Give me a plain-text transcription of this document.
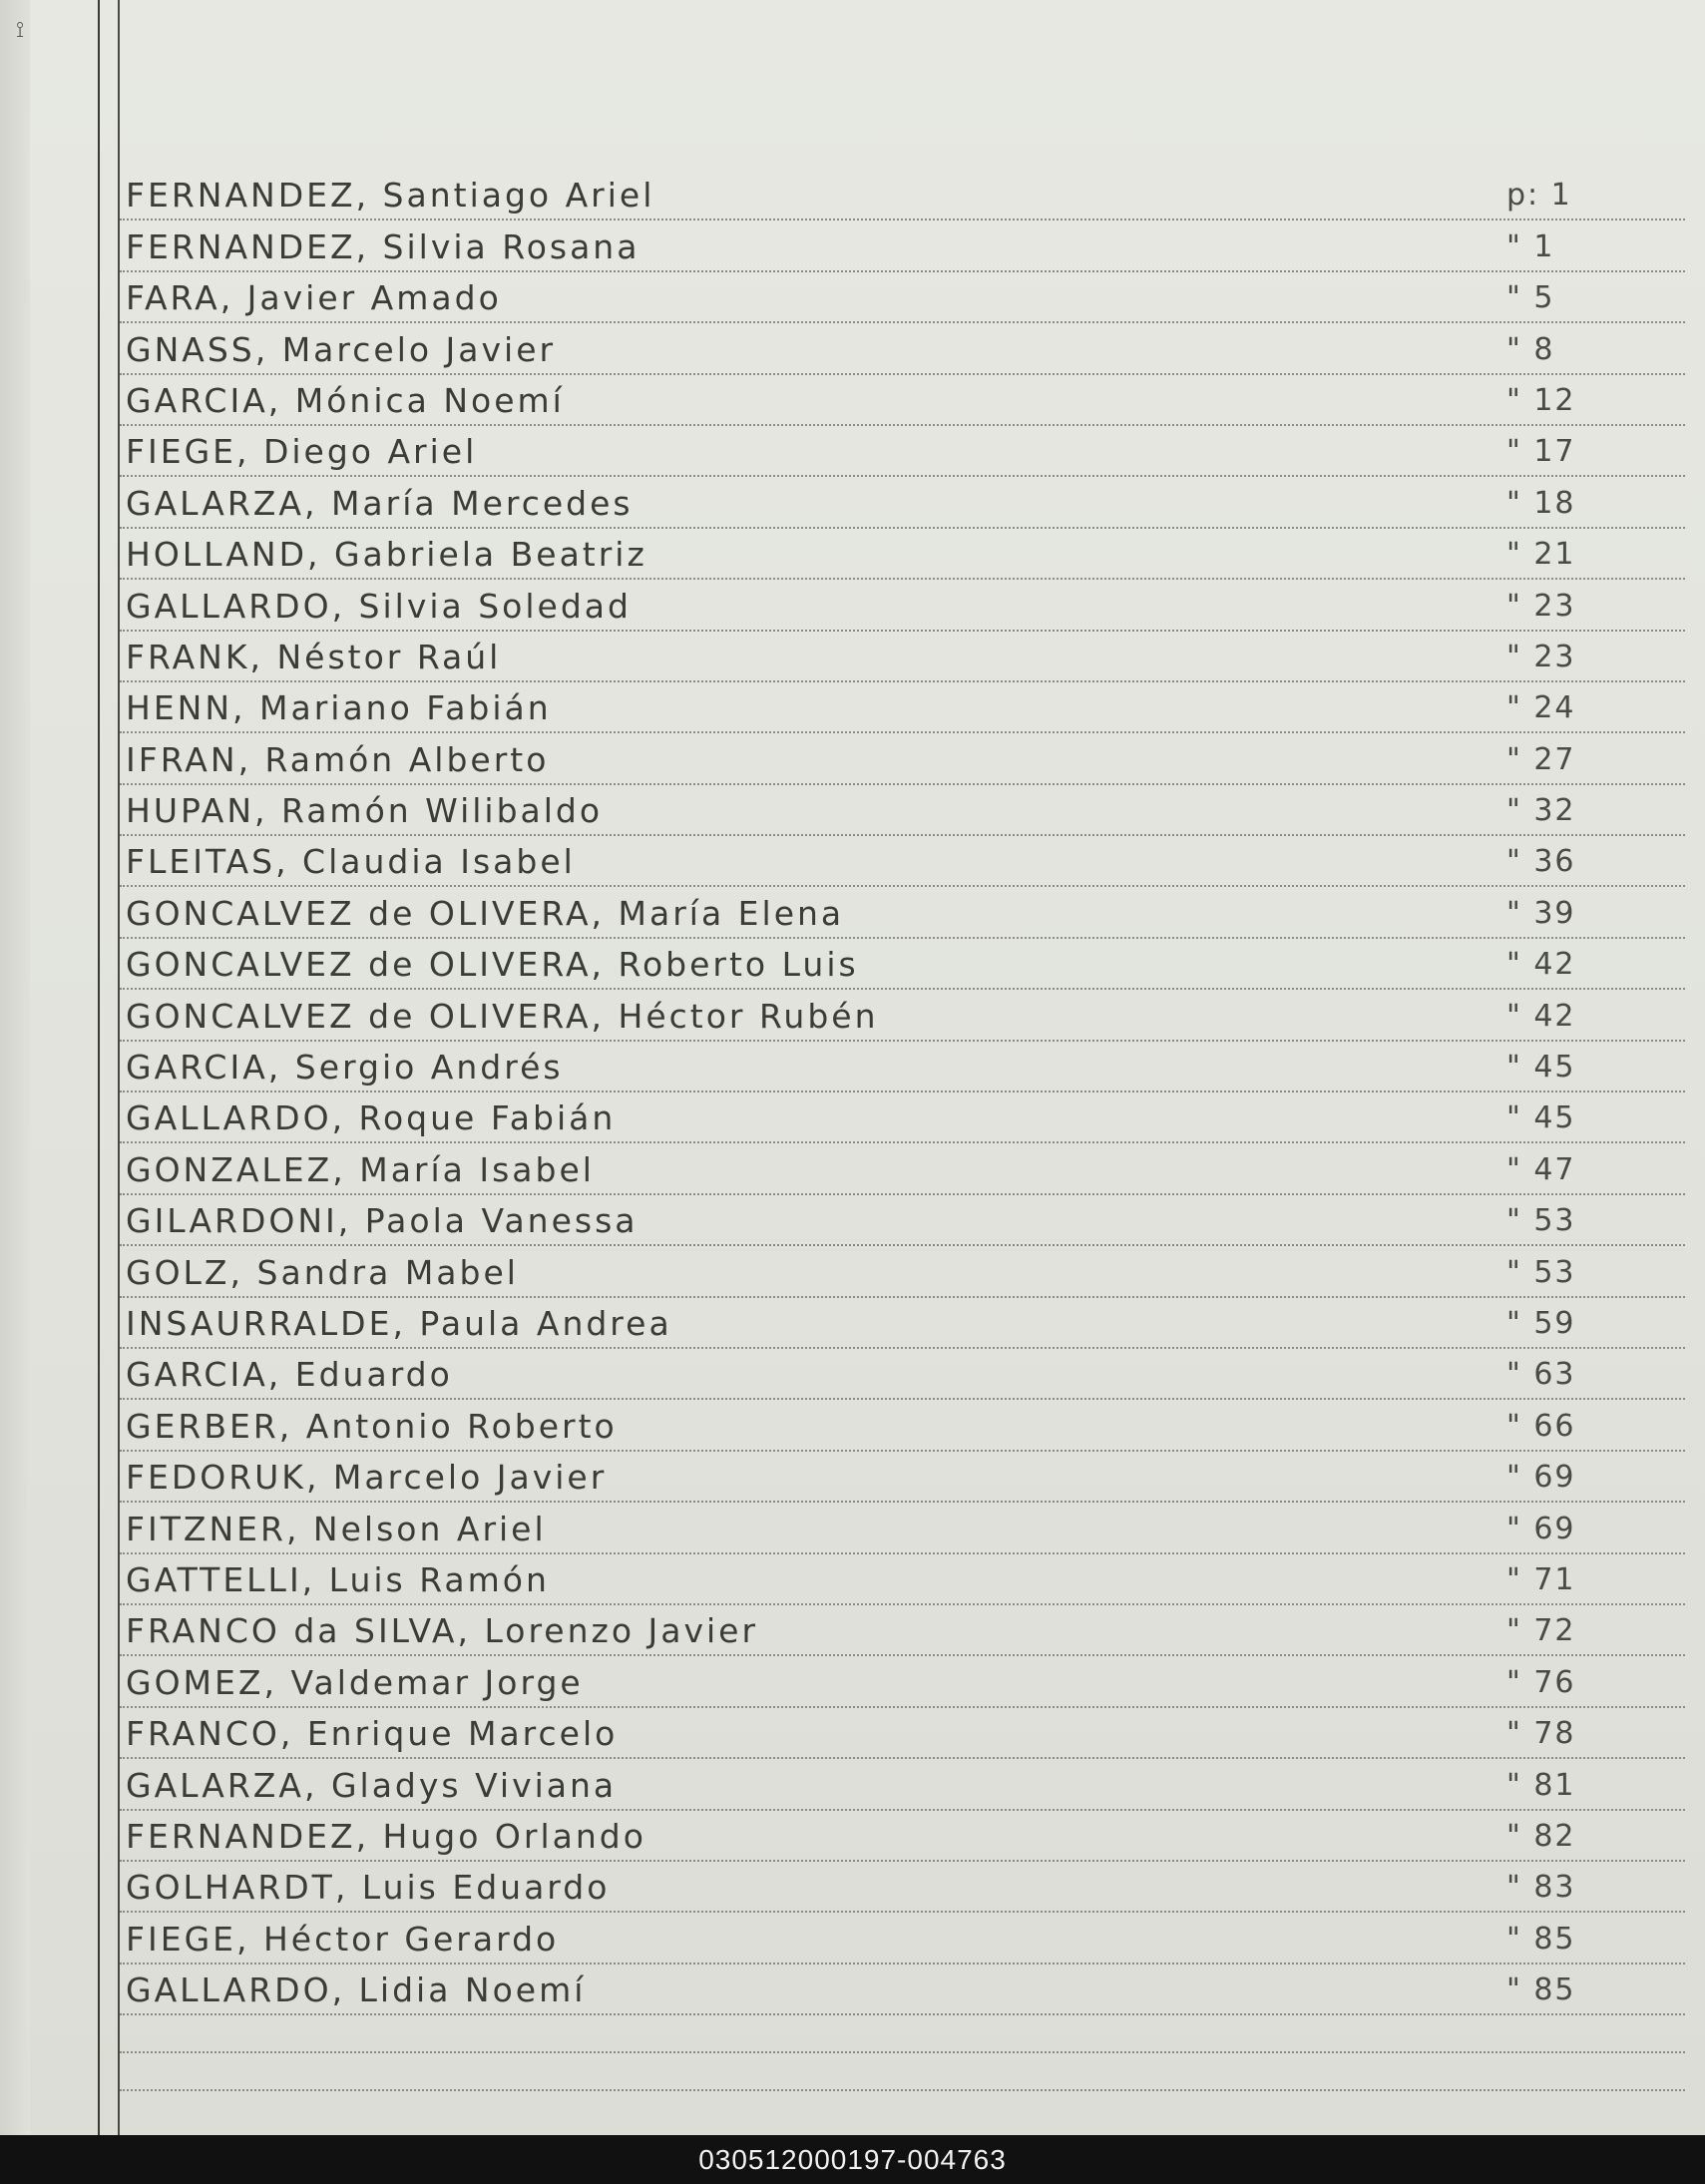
⟟
FERNANDEZ, Santiago Ariel	p: 1
FERNANDEZ, Silvia Rosana	" 1
FARA, Javier Amado	" 5
GNASS, Marcelo Javier	" 8
GARCIA, Mónica Noemí	" 12
FIEGE, Diego Ariel	" 17
GALARZA, María Mercedes	" 18
HOLLAND, Gabriela Beatriz	" 21
GALLARDO, Silvia Soledad	" 23
FRANK, Néstor Raúl	" 23
HENN, Mariano Fabián	" 24
IFRAN, Ramón Alberto	" 27
HUPAN, Ramón Wilibaldo	" 32
FLEITAS, Claudia Isabel	" 36
GONCALVEZ de OLIVERA, María Elena	" 39
GONCALVEZ de OLIVERA, Roberto Luis	" 42
GONCALVEZ de OLIVERA, Héctor Rubén	" 42
GARCIA, Sergio Andrés	" 45
GALLARDO, Roque Fabián	" 45
GONZALEZ, María Isabel	" 47
GILARDONI, Paola Vanessa	" 53
GOLZ, Sandra Mabel	" 53
INSAURRALDE, Paula Andrea	" 59
GARCIA, Eduardo	" 63
GERBER, Antonio Roberto	" 66
FEDORUK, Marcelo Javier	" 69
FITZNER, Nelson Ariel	" 69
GATTELLI, Luis Ramón	" 71
FRANCO da SILVA, Lorenzo Javier	" 72
GOMEZ, Valdemar Jorge	" 76
FRANCO, Enrique Marcelo	" 78
GALARZA, Gladys Viviana	" 81
FERNANDEZ, Hugo Orlando	" 82
GOLHARDT, Luis Eduardo	" 83
FIEGE, Héctor Gerardo	" 85
GALLARDO, Lidia Noemí	" 85
030512000197-004763
